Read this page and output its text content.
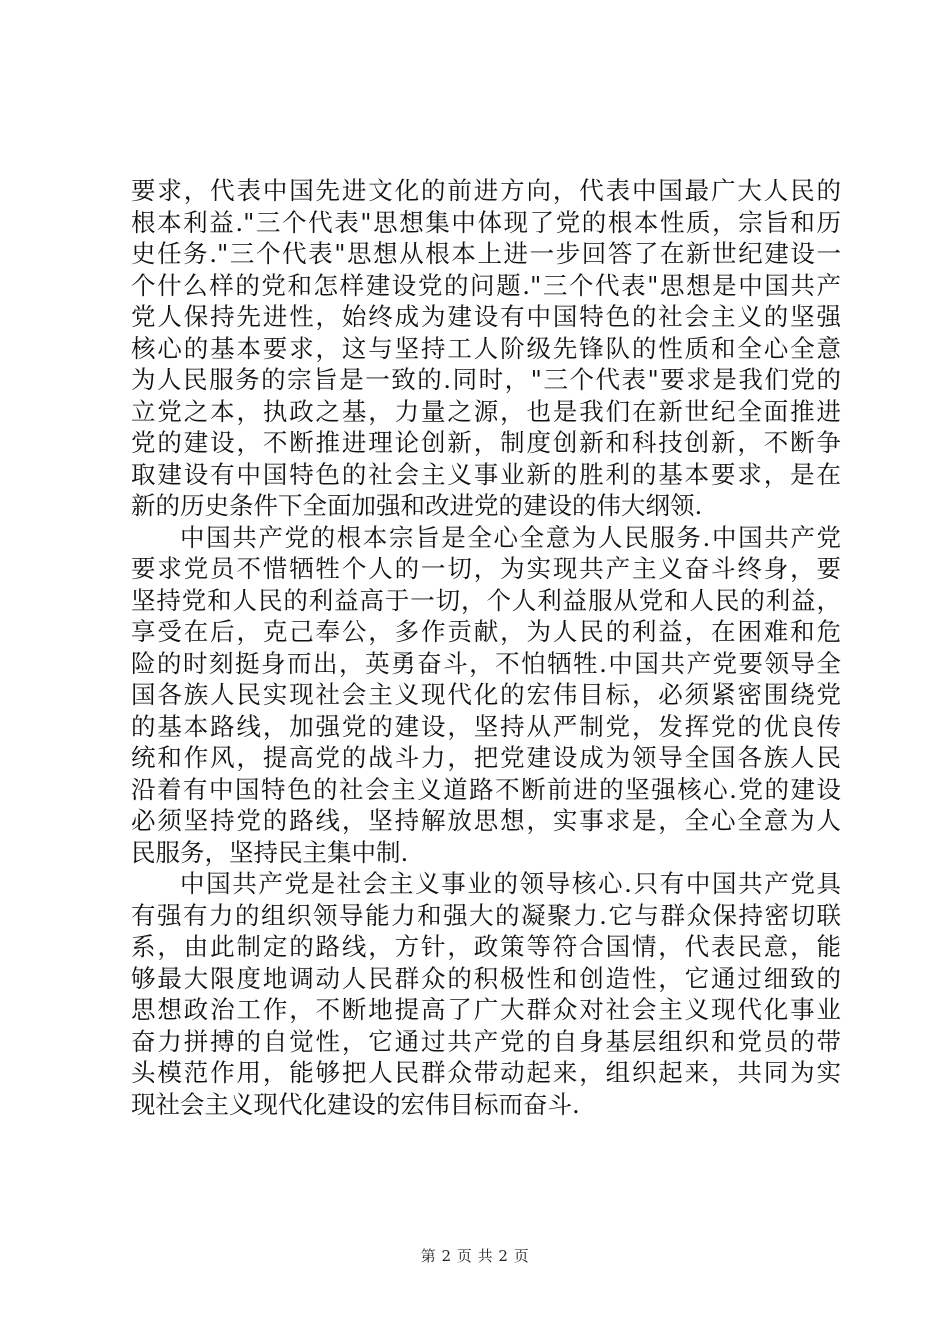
要求，代表中国先进文化的前进方向，代表中国最广大人民的
根本利益."三个代表"思想集中体现了党的根本性质，宗旨和历
史任务."三个代表"思想从根本上进一步回答了在新世纪建设一
个什么样的党和怎样建设党的问题."三个代表"思想是中国共产
党人保持先进性，始终成为建设有中国特色的社会主义的坚强
核心的基本要求，这与坚持工人阶级先锋队的性质和全心全意
为人民服务的宗旨是一致的.同时，"三个代表"要求是我们党的
立党之本，执政之基，力量之源，也是我们在新世纪全面推进
党的建设，不断推进理论创新，制度创新和科技创新，不断争
取建设有中国特色的社会主义事业新的胜利的基本要求，是在
新的历史条件下全面加强和改进党的建设的伟大纲领.
中国共产党的根本宗旨是全心全意为人民服务.中国共产党
要求党员不惜牺牲个人的一切，为实现共产主义奋斗终身，要
坚持党和人民的利益高于一切，个人利益服从党和人民的利益，
享受在后，克己奉公，多作贡献，为人民的利益，在困难和危
险的时刻挺身而出，英勇奋斗，不怕牺牲.中国共产党要领导全
国各族人民实现社会主义现代化的宏伟目标，必须紧密围绕党
的基本路线，加强党的建设，坚持从严制党，发挥党的优良传
统和作风，提高党的战斗力，把党建设成为领导全国各族人民
沿着有中国特色的社会主义道路不断前进的坚强核心.党的建设
必须坚持党的路线，坚持解放思想，实事求是，全心全意为人
民服务，坚持民主集中制.
中国共产党是社会主义事业的领导核心.只有中国共产党具
有强有力的组织领导能力和强大的凝聚力.它与群众保持密切联
系，由此制定的路线，方针，政策等符合国情，代表民意，能
够最大限度地调动人民群众的积极性和创造性，它通过细致的
思想政治工作，不断地提高了广大群众对社会主义现代化事业
奋力拼搏的自觉性，它通过共产党的自身基层组织和党员的带
头模范作用，能够把人民群众带动起来，组织起来，共同为实
现社会主义现代化建设的宏伟目标而奋斗.
第 2 页 共 2 页
